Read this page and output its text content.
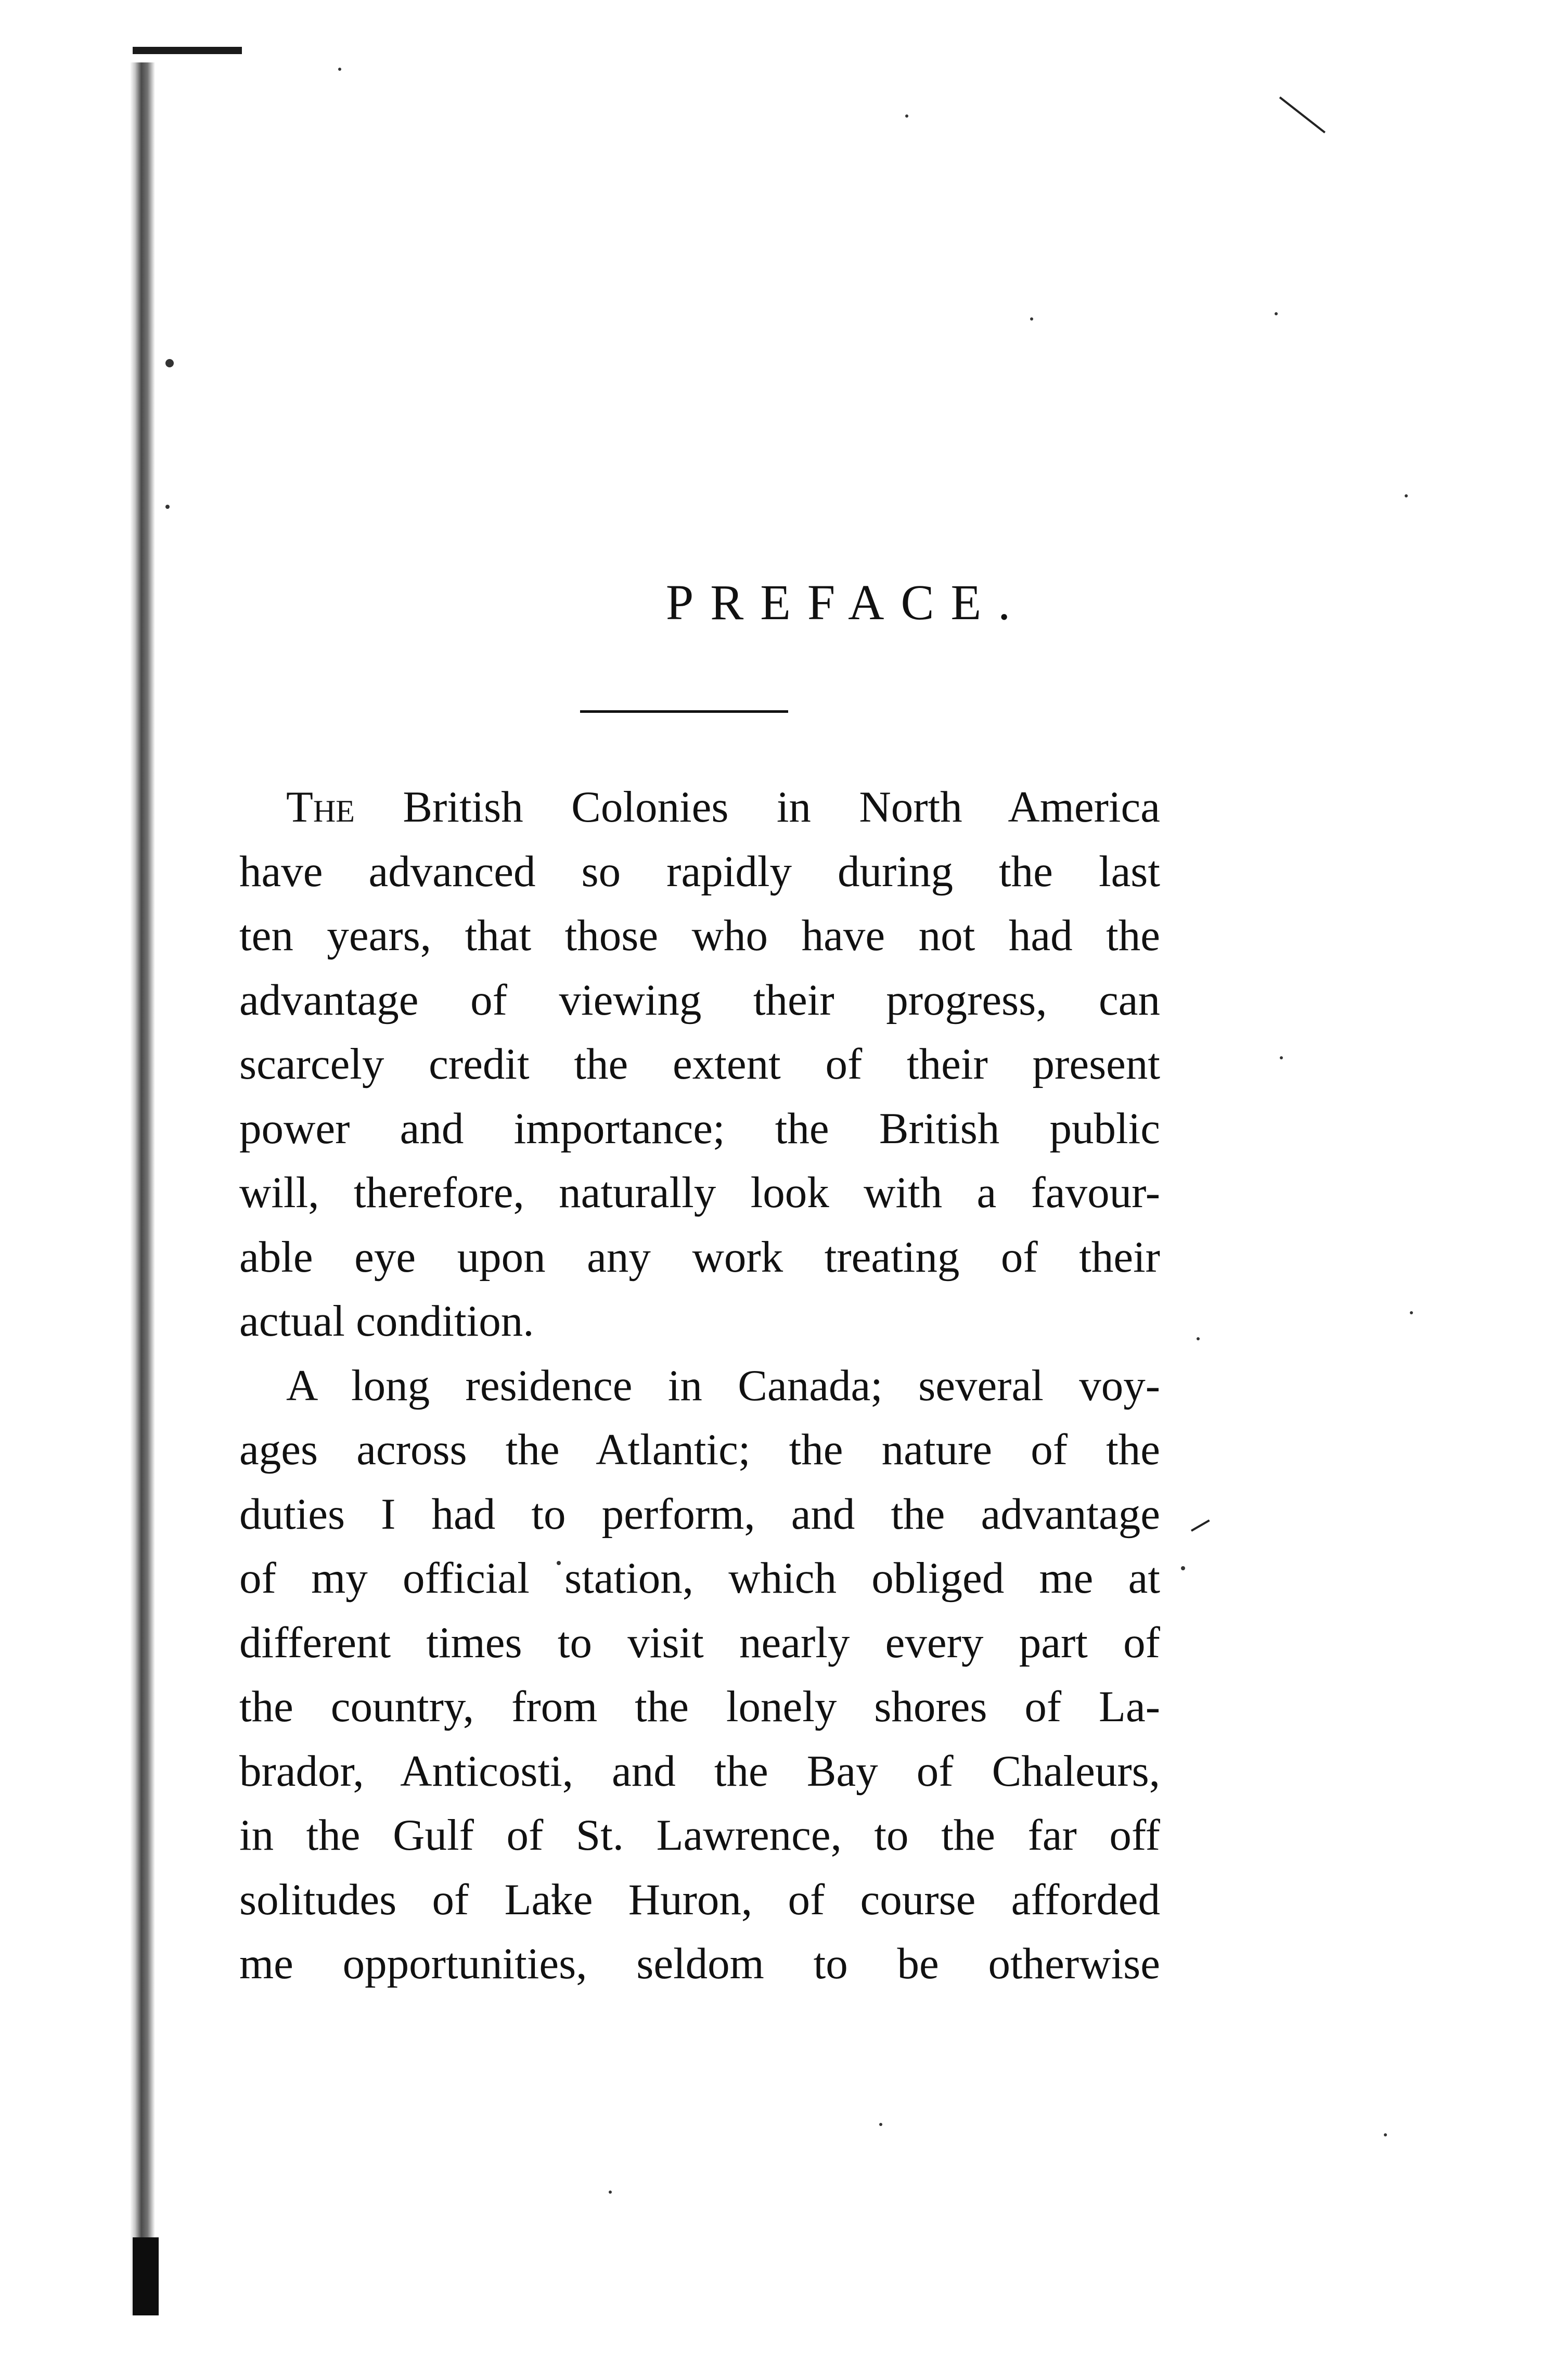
PREFACE.
The British Colonies in North America
have advanced so rapidly during the last
ten years, that those who have not had the
advantage of viewing their progress, can
scarcely credit the extent of their present
power and importance; the British public
will, therefore, naturally look with a favour-
able eye upon any work treating of their
actual condition.
A long residence in Canada; several voy-
ages across the Atlantic; the nature of the
duties I had to perform, and the advantage
of my official station, which obliged me at
different times to visit nearly every part of
the country, from the lonely shores of La-
brador, Anticosti, and the Bay of Chaleurs,
in the Gulf of St. Lawrence, to the far off
solitudes of Lake Huron, of course afforded
me opportunities, seldom to be otherwise
